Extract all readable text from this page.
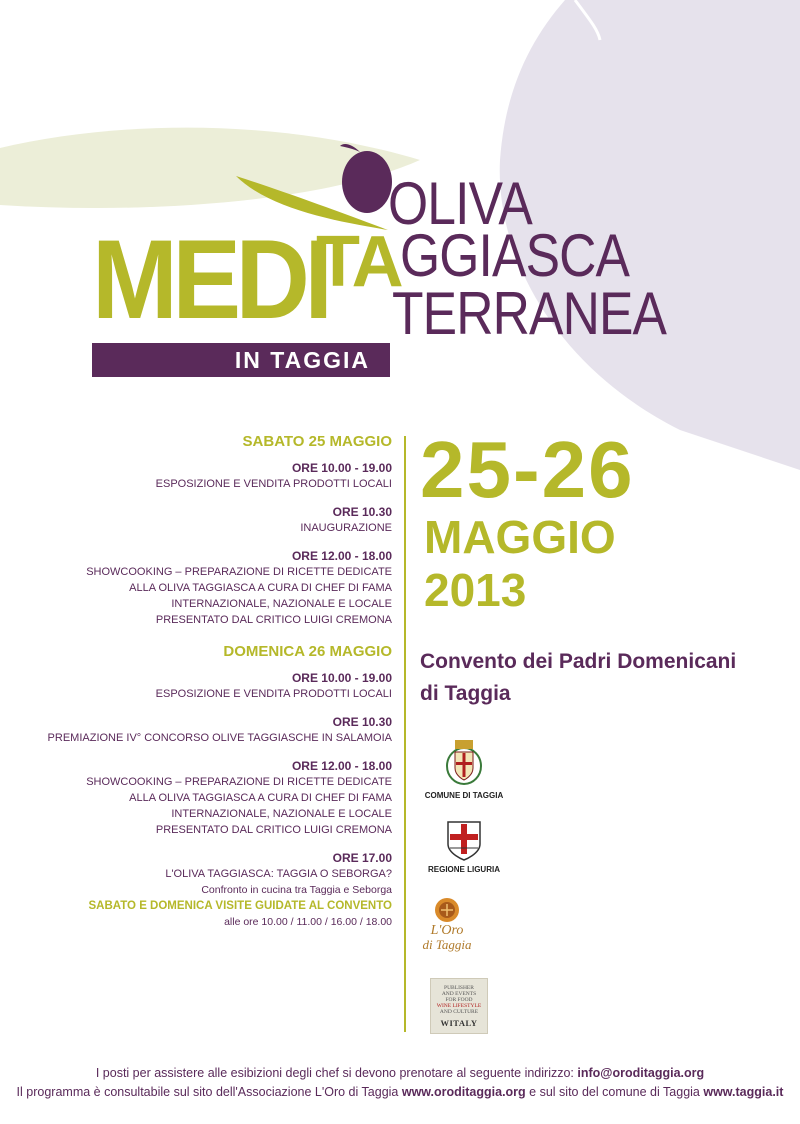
OLIVA
GGIASCA
TERRANEA
MEDI
TA
IN TAGGIA
SABATO 25 MAGGIO
ORE 10.00 - 19.00
ESPOSIZIONE E VENDITA PRODOTTI LOCALI
ORE 10.30
INAUGURAZIONE
ORE 12.00 - 18.00
SHOWCOOKING – PREPARAZIONE DI RICETTE DEDICATE
ALLA OLIVA TAGGIASCA A CURA DI CHEF DI FAMA
INTERNAZIONALE, NAZIONALE E LOCALE
PRESENTATO DAL CRITICO LUIGI CREMONA
DOMENICA 26 MAGGIO
ORE 10.00 - 19.00
ESPOSIZIONE E VENDITA PRODOTTI LOCALI
ORE 10.30
PREMIAZIONE IV° CONCORSO OLIVE TAGGIASCHE IN SALAMOIA
ORE 12.00 - 18.00
SHOWCOOKING – PREPARAZIONE DI RICETTE DEDICATE
ALLA OLIVA TAGGIASCA A CURA DI CHEF DI FAMA
INTERNAZIONALE, NAZIONALE E LOCALE
PRESENTATO DAL CRITICO LUIGI CREMONA
ORE 17.00
L'OLIVA TAGGIASCA: TAGGIA O SEBORGA?
Confronto in cucina tra Taggia e Seborga
SABATO E DOMENICA VISITE GUIDATE AL CONVENTO
alle ore 10.00 / 11.00 / 16.00 / 18.00
25-26
MAGGIO
2013
Convento dei Padri Domenicani
di Taggia
COMUNE DI TAGGIA
REGIONE LIGURIA
L'Oro
di Taggia
PUBLISHER
AND EVENTS
FOR FOOD
WINE LIFESTYLE
AND CULTURE
WITALY
I posti per assistere alle esibizioni degli chef si devono prenotare al seguente indirizzo: info@oroditaggia.org
Il programma è consultabile sul sito dell'Associazione L'Oro di Taggia www.oroditaggia.org e sul sito del comune di Taggia www.taggia.it
